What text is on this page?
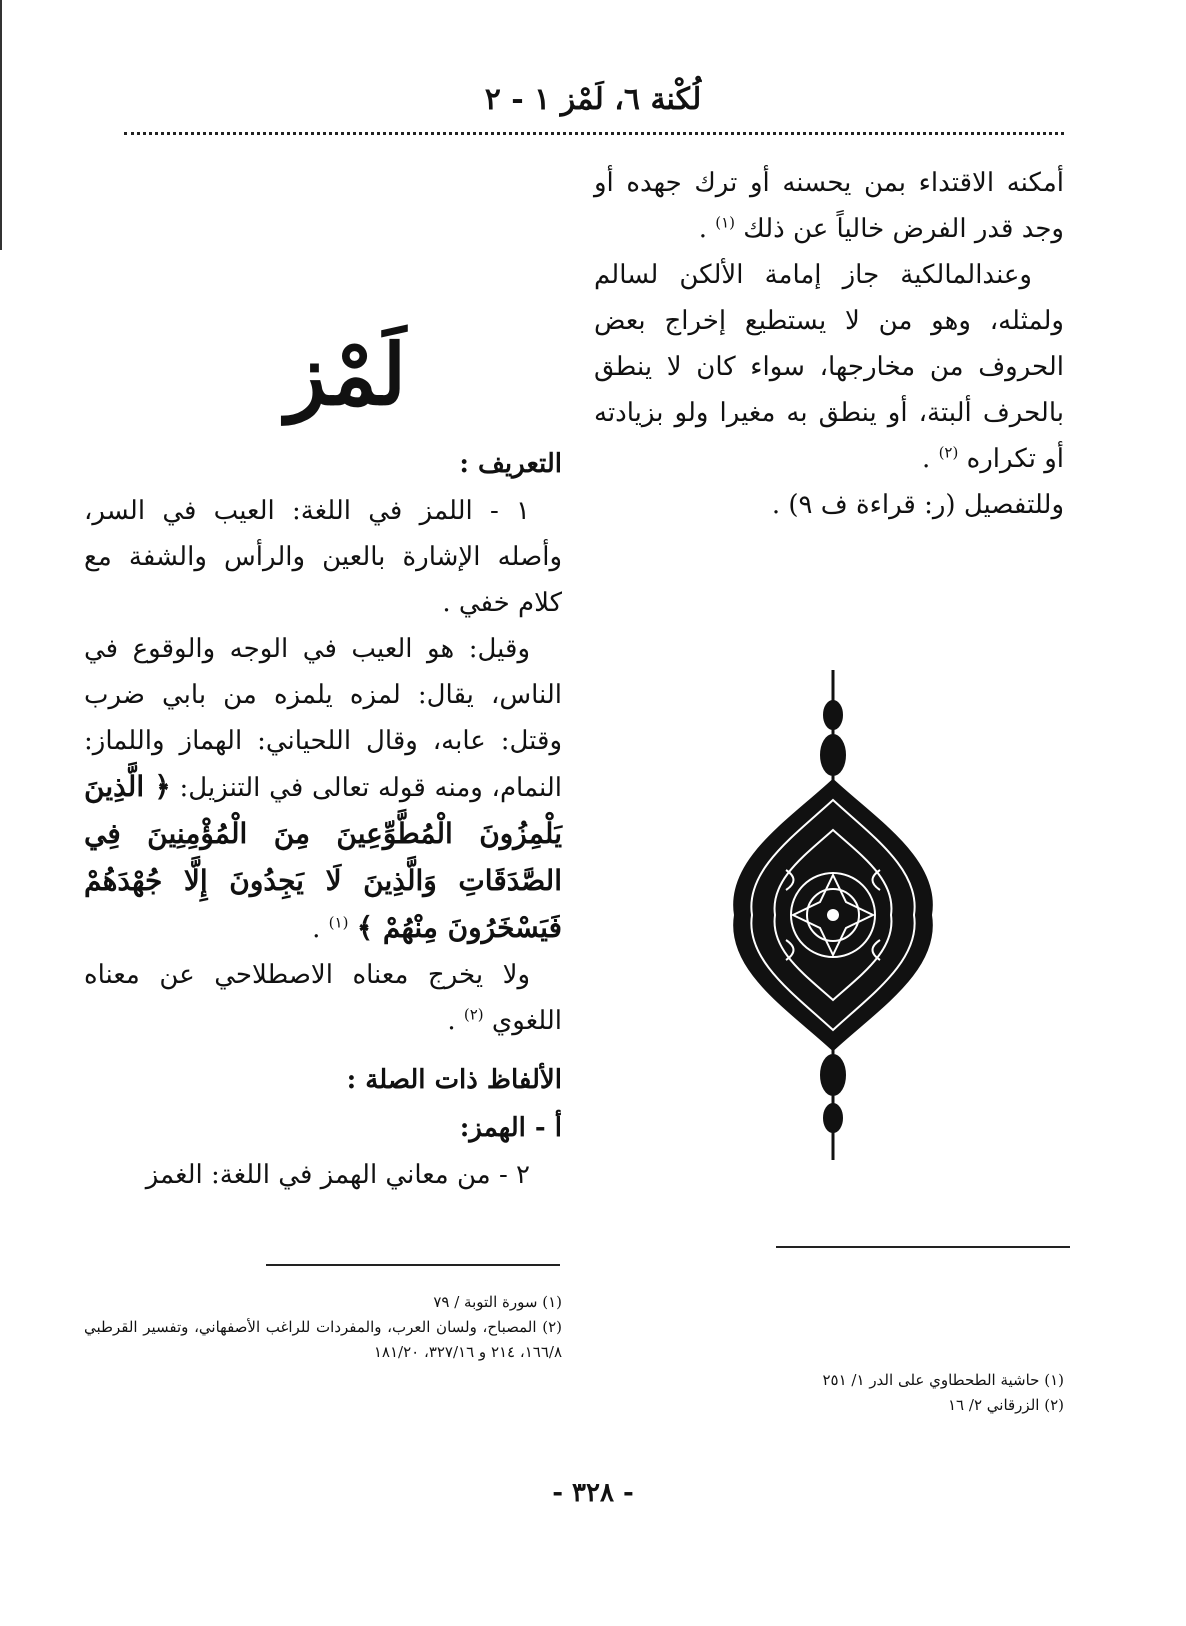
لُكْنة ٦، لَمْز ١ - ٢

أمكنه الاقتداء بمن يحسنه أو ترك جهده أو وجد قدر الفرض خالياً عن ذلك $^{(١)}$ .

وعندالمالكية جاز إمامة الألكن لسالم ولمثله، وهو من لا يستطيع إخراج بعض الحروف من مخارجها، سواء كان لا ينطق بالحرف ألبتة، أو ينطق به مغيرا ولو بزيادته أو تكراره $^{(٢)}$ .

وللتفصيل (ر: قراءة ف ٩) .

لَمْز

التعريف :

١ - اللمز في اللغة: العيب في السر، وأصله الإشارة بالعين والرأس والشفة مع كلام خفي .

وقيل: هو العيب في الوجه والوقوع في الناس، يقال: لمزه يلمزه من بابي ضرب وقتل: عابه، وقال اللحياني: الهماز واللماز: النمام، ومنه قوله تعالى في التنزيل: ﴿ الَّذِينَ يَلْمِزُونَ الْمُطَّوِّعِينَ مِنَ الْمُؤْمِنِينَ فِي الصَّدَقَاتِ وَالَّذِينَ لَا يَجِدُونَ إِلَّا جُهْدَهُمْ فَيَسْخَرُونَ مِنْهُمْ ﴾ $^{(١)}$ .

ولا يخرج معناه الاصطلاحي عن معناه اللغوي $^{(٢)}$ .

الألفاظ ذات الصلة :

أ - الهمز:

٢ - من معاني الهمز في اللغة: الغمز

(١) سورة التوبة / ٧٩
(٢) المصباح، ولسان العرب، والمفردات للراغب الأصفهاني، وتفسير القرطبي ١٦٦/٨، ٢١٤ و ٣٢٧/١٦، ١٨١/٢٠
(١) حاشية الطحطاوي على الدر ١/ ٢٥١
(٢) الزرقاني ٢/ ١٦
- ٣٢٨ -
